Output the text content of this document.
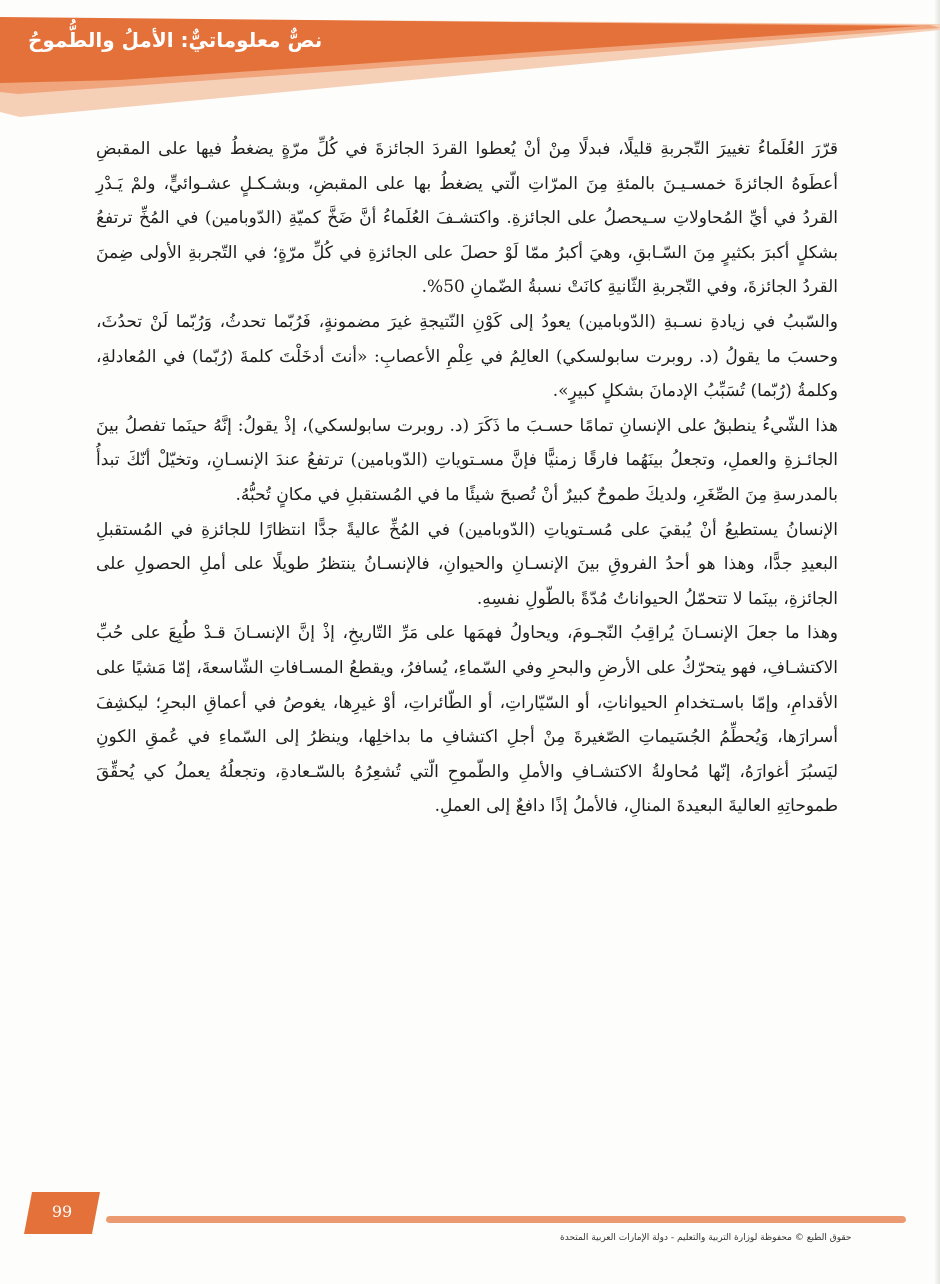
نصٌّ معلوماتيٌّ: الأملُ والطُّموحُ

قرّرَ العُلَماءُ تغييرَ التّجربةِ قليلًا، فبدلًا مِنْ أنْ يُعطوا القردَ الجائزةَ في كُلِّ مرّةٍ يضغطُ فيها على المقبضِ أعطَوهُ الجائزةَ خمسـيـنَ بالمئةِ مِنَ المرّاتِ الّتي يضغطُ بها على المقبضِ، وبشـكـلٍ عشـوائيٍّ، ولمْ يَـدْرِ القردُ في أيِّ المُحاولاتِ سـيحصلُ على الجائزةِ. واكتشـفَ العُلَماءُ أنَّ ضَخَّ كميّةِ (الدّوبامين) في المُخِّ ترتفعُ بشكلٍ أكبرَ بكثيرٍ مِنَ السّـابقِ، وهيَ أكبرُ ممّا لَوْ حصلَ على الجائزةِ في كُلِّ مرّةٍ؛ في التّجربةِ الأولى ضِمنَ القردُ الجائزةَ، وفي التّجربةِ الثّانيةِ كانَتْ نسبةُ الضّمانِ 50%.

والسّببُ في زيادةِ نسـبةِ (الدّوبامين) يعودُ إلى كَوْنِ النّتيجةِ غيرَ مضمونةٍ، فَرُبّما تحدثُ، وَرُبّما لَنْ تحدُثَ، وحسبَ ما يقولُ (د. روبرت سابولسكي) العالِمُ في عِلْمِ الأعصابِ: «أنتَ أدخَلْتَ كلمةَ (رُبّما) في المُعادلةِ، وكلمةُ (رُبّما) تُسَبِّبُ الإدمانَ بشكلٍ كبيرٍ».

هذا الشّيءُ ينطبقُ على الإنسانِ تمامًا حسـبَ ما ذَكَرَ (د. روبرت سابولسكي)، إذْ يقولُ: إنَّهُ حينَما تفصلُ بينَ الجائـزةِ والعملِ، وتجعلُ بينَهُما فارقًا زمنيًّا فإنَّ مسـتوياتِ (الدّوبامين) ترتفعُ عندَ الإنسـانِ، وتخيّلْ أنّكَ تبدأُ بالمدرسةِ مِنَ الصِّغَرِ، ولديكَ طموحٌ كبيرٌ أنْ تُصبحَ شيئًا ما في المُستقبلِ في مكانٍ تُحبُّهُ.

الإنسانُ يستطيعُ أنْ يُبقيَ على مُسـتوياتِ (الدّوبامين) في المُخِّ عاليةً جدًّا انتظارًا للجائزةِ في المُستقبلِ البعيدِ جدًّا، وهذا هو أحدُ الفروقِ بينَ الإنسـانِ والحيوانِ، فالإنسـانُ ينتظرُ طويلًا على أملِ الحصولِ على الجائزةِ، بينَما لا تتحمّلُ الحيواناتُ مُدّةً بالطّولِ نفسِهِ.

وهذا ما جعلَ الإنسـانَ يُراقِبُ النّجـومَ، ويحاولُ فهمَها على مَرِّ التّاريخِ، إذْ إنَّ الإنسـانَ قـدْ طُبِعَ على حُبِّ الاكتشـافِ، فهو يتحرّكُ على الأرضِ والبحرِ وفي السّماءِ، يُسافرُ، ويقطعُ المسـافاتِ الشّاسعةَ، إمّا مَشيًا على الأقدامِ، وإمّا باسـتخدامِ الحيواناتِ، أو السّيّاراتِ، أو الطّائراتِ، أوْ غيرِها، يغوصُ في أعماقِ البحرِ؛ ليكشِفَ أسرارَها، وَيُحطِّمُ الجُسَيماتِ الصّغيرةَ مِنْ أجلِ اكتشافِ ما بداخلِها، وينظرُ إلى السّماءِ في عُمقِ الكونِ ليَسبُرَ أغوارَهُ، إنّها مُحاولةُ الاكتشـافِ والأملِ والطّموحِ الّتي تُشعِرُهُ بالسّـعادةِ، وتجعلُهُ يعملُ كي يُحقِّقَ طموحاتِهِ العاليةَ البعيدةَ المنالِ، فالأملُ إذًا دافعٌ إلى العملِ.

99
حقوق الطبع © محفوظة لوزارة التربية والتعليم - دولة الإمارات العربية المتحدة
